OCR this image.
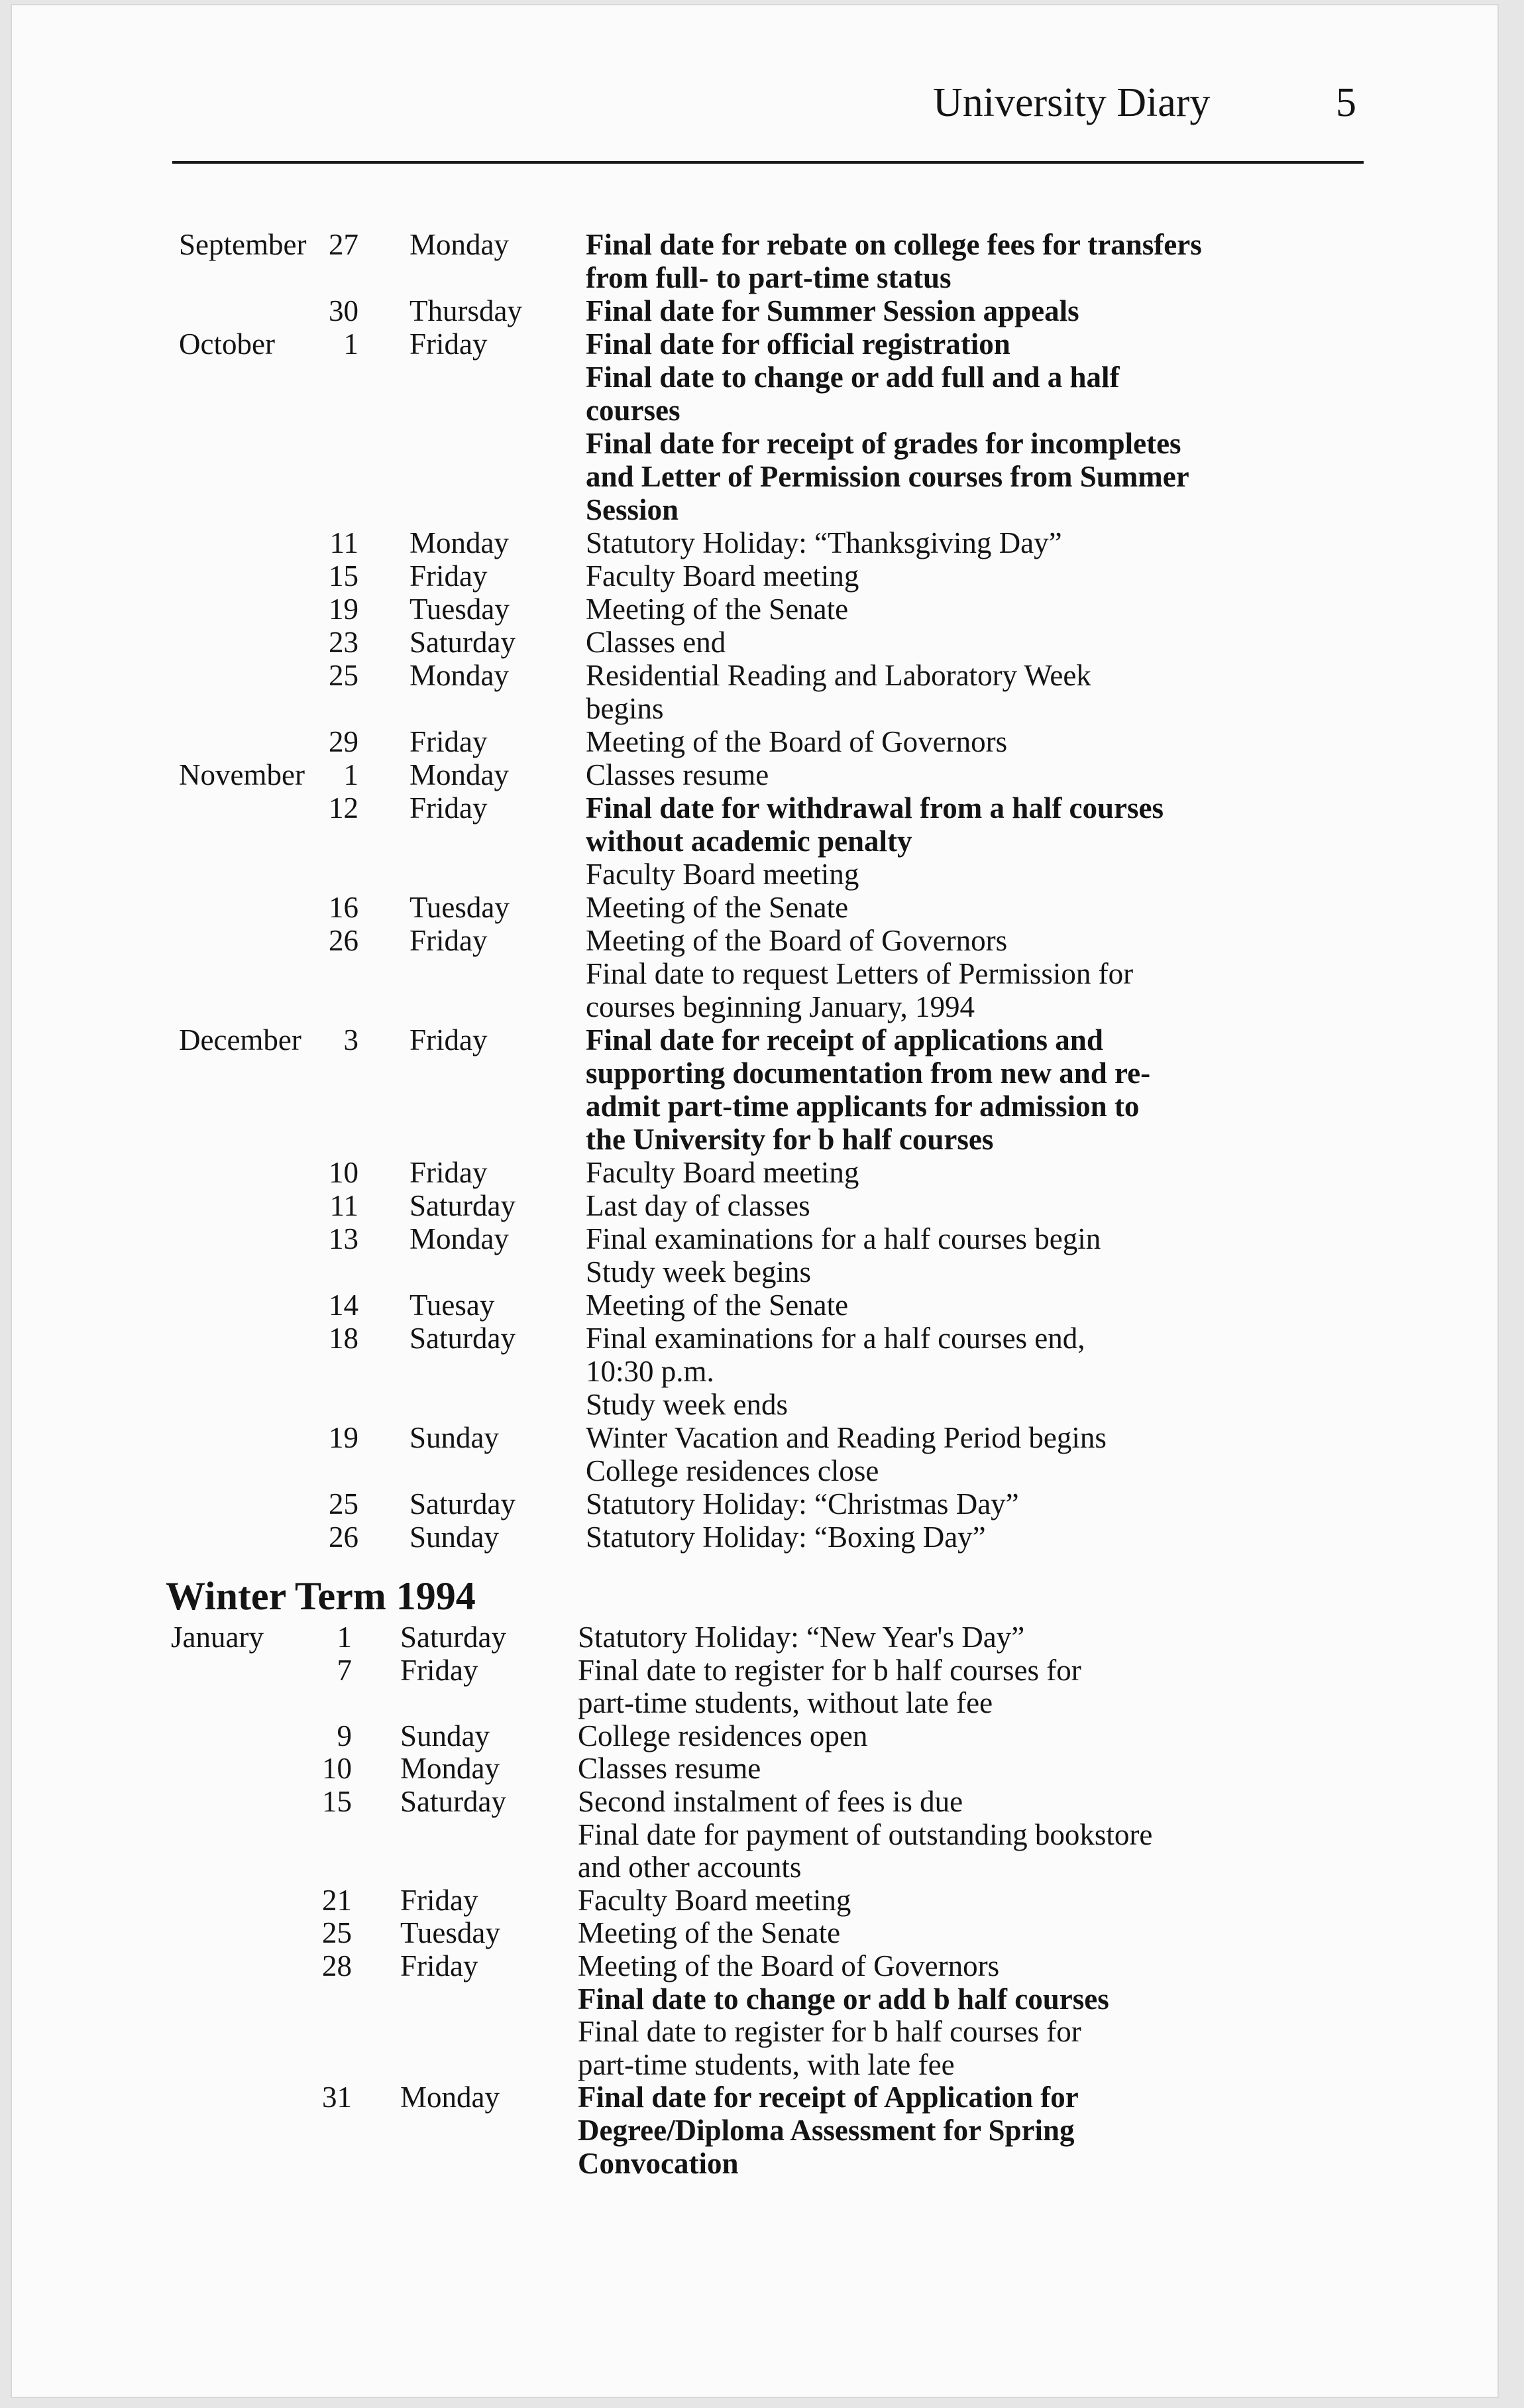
University Diary	5
September 27 Monday	Final date for rebate on college fees for transfers
from full- to part-time status
30 Thursday Final date for Summer Session appeals
October	1 Friday	Final date for official registration
Final date to change or add full and a half
courses
Final date for receipt of grades for incompletes
and Letter of Permission courses from Summer
Session
11 Monday	Statutory Holiday: “Thanksgiving Day”
15 Friday	Faculty Board meeting
19 Tuesday	Meeting of the Senate
23 Saturday Classes end
25 Monday	Residential Reading and Laboratory Week
begins
29 Friday	Meeting of the Board of Governors
November	1 Monday	Classes resume
12 Friday	Final date for withdrawal from a half courses
without academic penalty
Faculty Board meeting
16 Tuesday	Meeting of the Senate
26 Friday	Meeting of the Board of Governors
Final date to request Letters of Permission for
courses beginning January, 1994
December	3 Friday	Final date for receipt of applications and
supporting documentation from new and re-
admit part-time applicants for admission to
the University for b half courses
10 Friday	Faculty Board meeting
11 Saturday Last day of classes
13 Monday	Final examinations for a half courses begin
Study week begins
14 Tuesay	Meeting of the Senate
18 Saturday Final examinations for a half courses end,
10:30 p.m.
Study week ends
19 Sunday	Winter Vacation and Reading Period begins
College residences close
25 Saturday Statutory Holiday: “Christmas Day”
26 Sunday	Statutory Holiday: “Boxing Day”
Winter Term 1994
January	1 Saturday Statutory Holiday: “New Year's Day”
7 Friday	Final date to register for b half courses for
part-time students, without late fee
9 Sunday	College residences open
10 Monday	Classes resume
15 Saturday Second instalment of fees is due
Final date for payment of outstanding bookstore
and other accounts
21 Friday	Faculty Board meeting
25 Tuesday	Meeting of the Senate
28 Friday	Meeting of the Board of Governors
Final date to change or add b half courses
Final date to register for b half courses for
part-time students, with late fee
31 Monday	Final date for receipt of Application for
Degree/Diploma Assessment for Spring
Convocation
